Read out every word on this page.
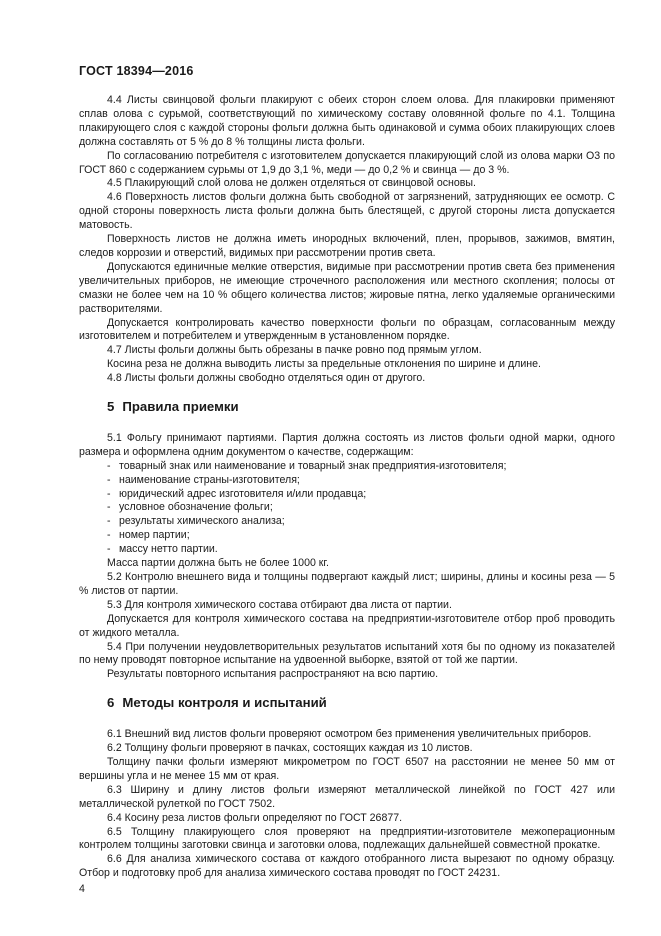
ГОСТ 18394—2016

4.4 Листы свинцовой фольги плакируют с обеих сторон слоем олова. Для плакировки применяют сплав олова с сурьмой, соответствующий по химическому составу оловянной фольге по 4.1. Толщина плакирующего слоя с каждой стороны фольги должна быть одинаковой и сумма обоих плакирующих слоев должна составлять от 5 % до 8 % толщины листа фольги.

По согласованию потребителя с изготовителем допускается плакирующий слой из олова марки О3 по ГОСТ 860 с содержанием сурьмы от 1,9 до 3,1 %, меди — до 0,2 % и свинца — до 3 %.

4.5 Плакирующий слой олова не должен отделяться от свинцовой основы.

4.6 Поверхность листов фольги должна быть свободной от загрязнений, затрудняющих ее осмотр. С одной стороны поверхность листа фольги должна быть блестящей, с другой стороны листа допускается матовость.

Поверхность листов не должна иметь инородных включений, плен, прорывов, зажимов, вмятин, следов коррозии и отверстий, видимых при рассмотрении против света.

Допускаются единичные мелкие отверстия, видимые при рассмотрении против света без применения увеличительных приборов, не имеющие строчечного расположения или местного скопления; полосы от смазки не более чем на 10 % общего количества листов; жировые пятна, легко удаляемые органическими растворителями.

Допускается контролировать качество поверхности фольги по образцам, согласованным между изготовителем и потребителем и утвержденным в установленном порядке.

4.7 Листы фольги должны быть обрезаны в пачке ровно под прямым углом.

Косина реза не должна выводить листы за предельные отклонения по ширине и длине.

4.8 Листы фольги должны свободно отделяться один от другого.

5 Правила приемки

5.1 Фольгу принимают партиями. Партия должна состоять из листов фольги одной марки, одного размера и оформлена одним документом о качестве, содержащим:

- товарный знак или наименование и товарный знак предприятия-изготовителя;

- наименование страны-изготовителя;

- юридический адрес изготовителя и/или продавца;

- условное обозначение фольги;

- результаты химического анализа;

- номер партии;

- массу нетто партии.

Масса партии должна быть не более 1000 кг.

5.2 Контролю внешнего вида и толщины подвергают каждый лист; ширины, длины и косины реза — 5 % листов от партии.

5.3 Для контроля химического состава отбирают два листа от партии.

Допускается для контроля химического состава на предприятии-изготовителе отбор проб проводить от жидкого металла.

5.4 При получении неудовлетворительных результатов испытаний хотя бы по одному из показателей по нему проводят повторное испытание на удвоенной выборке, взятой от той же партии.

Результаты повторного испытания распространяют на всю партию.

6 Методы контроля и испытаний

6.1 Внешний вид листов фольги проверяют осмотром без применения увеличительных приборов.

6.2 Толщину фольги проверяют в пачках, состоящих каждая из 10 листов.

Толщину пачки фольги измеряют микрометром по ГОСТ 6507 на расстоянии не менее 50 мм от вершины угла и не менее 15 мм от края.

6.3 Ширину и длину листов фольги измеряют металлической линейкой по ГОСТ 427 или металлической рулеткой по ГОСТ 7502.

6.4 Косину реза листов фольги определяют по ГОСТ 26877.

6.5 Толщину плакирующего слоя проверяют на предприятии-изготовителе межоперационным контролем толщины заготовки свинца и заготовки олова, подлежащих дальнейшей совместной прокатке.

6.6 Для анализа химического состава от каждого отобранного листа вырезают по одному образцу. Отбор и подготовку проб для анализа химического состава проводят по ГОСТ 24231.

4
